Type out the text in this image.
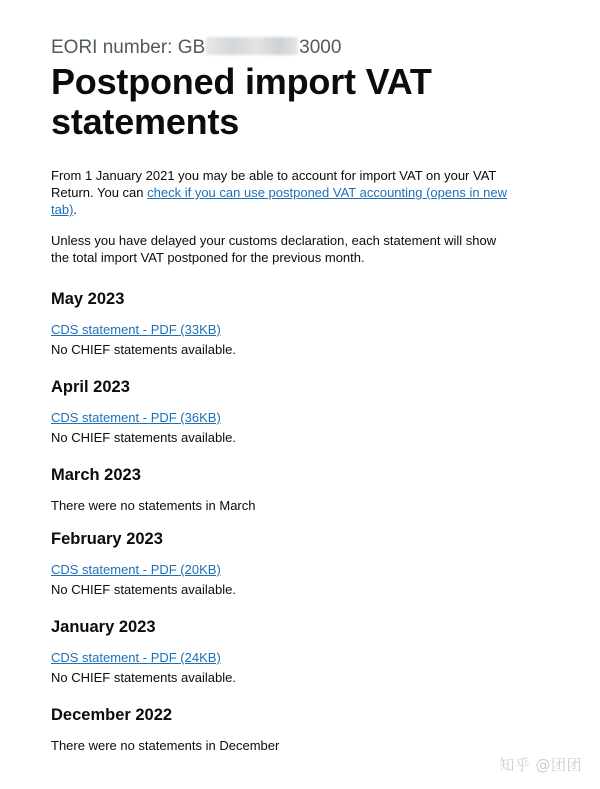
EORI number: GB	3000

Postponed import VAT statements

From 1 January 2021 you may be able to account for import VAT on your VAT Return. You can check if you can use postponed VAT accounting (opens in new tab).

Unless you have delayed your customs declaration, each statement will show the total import VAT postponed for the previous month.

May 2023

CDS statement - PDF (33KB)

No CHIEF statements available.

April 2023

CDS statement - PDF (36KB)

No CHIEF statements available.

March 2023

There were no statements in March

February 2023

CDS statement - PDF (20KB)

No CHIEF statements available.

January 2023

CDS statement - PDF (24KB)

No CHIEF statements available.

December 2022

There were no statements in December

知乎 @团团
